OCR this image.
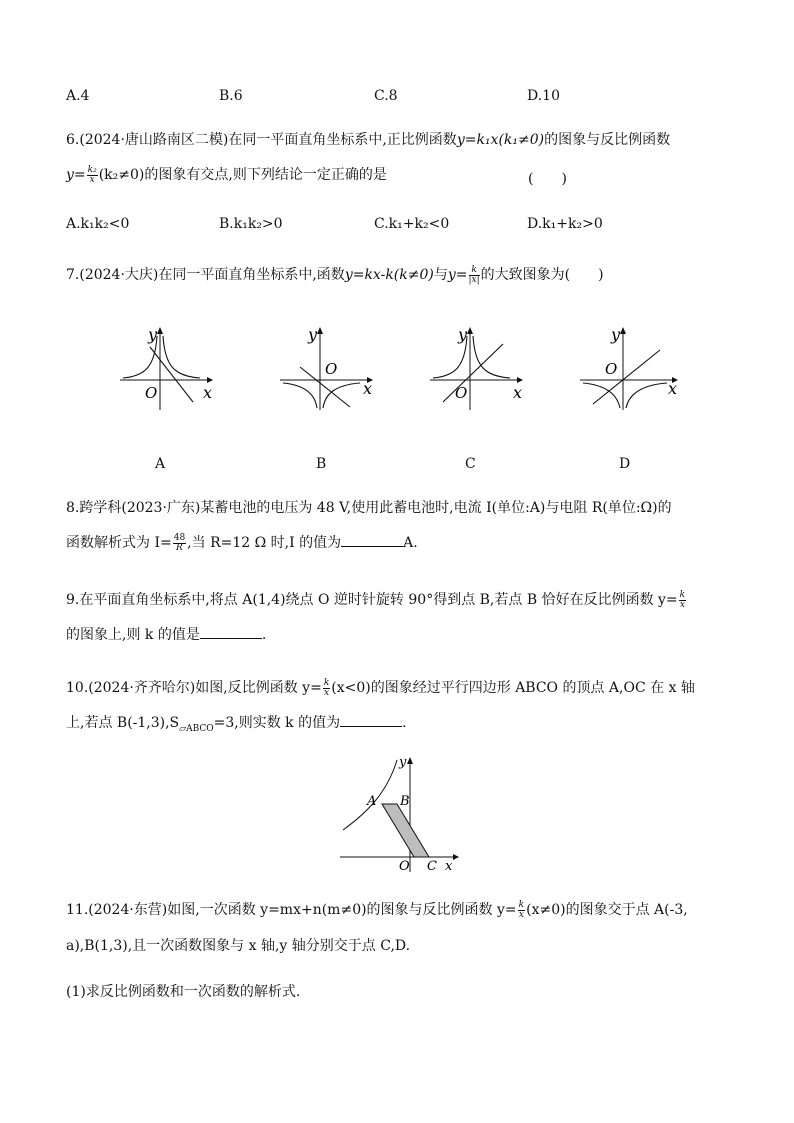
A.4	B.6	C.8	D.10
6.(2024·唐山路南区二模)在同一平面直角坐标系中,正比例函数y=k₁x(k₁≠0)的图象与反比例函数
$y= \frac{\text{k₂}}{x} (k_2\ne 0)$的图象有交点,则下列结论一定正确的是	(　　)
A.k₁k₂<0	B.k₁k₂>0	C.k₁+k₂<0	D.k₁+k₂>0
7.(2024·大庆)在同一平面直角坐标系中,函数y=kx-k(k≠0)与$y= \frac{k}{|x|}$ 的大致图象为(　　)
y
x
O
A
y
x
O
B
y
x
O
C
y
x
O
D
8.跨学科(2023·广东)某蓄电池的电压为 48 V,使用此蓄电池时,电流 I(单位:A)与电阻 R(单位:Ω)的
函数解析式为 $I= \frac{48}{R}$ ,当 R=12 Ω 时,I 的值为	A.
9.在平面直角坐标系中,将点 A(1,4)绕点 O 逆时针旋转 90°得到点 B,若点 B 恰好在反比例函数 $y= \frac{k}{x}$
的图象上,则 k 的值是	.
10.(2024·齐齐哈尔)如图,反比例函数 $y= \frac{k}{x} (x<0)$的图象经过平行四边形 ABCO 的顶点 A,OC 在 x 轴
上,若点 $B(-1,3),S_{▱ABCO}=3$,则实数 k 的值为	.
A B
O C x
y
11.(2024·东营)如图,一次函数 y=mx+n(m≠0)的图象与反比例函数 $y= \frac{k}{x} (x\ne 0)$的图象交于点 A(-3,
a),B(1,3),且一次函数图象与 x 轴,y 轴分别交于点 C,D.
(1)求反比例函数和一次函数的解析式.
